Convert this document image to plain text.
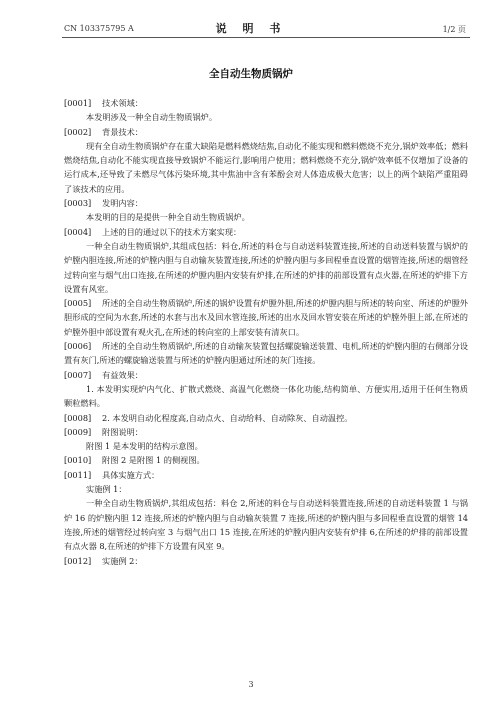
CN 103375795 A	说 明 书	1/2 页
全自动生物质锅炉
[0001] 技术领域：
本发明涉及一种全自动生物质锅炉。
[0002] 背景技术：
现有全自动生物质锅炉存在重大缺陷是燃料燃烧结焦,自动化不能实现和燃料燃烧不充分,锅炉效率低；燃料燃烧结焦,自动化不能实现直接导致锅炉不能运行,影响用户使用；燃料燃烧不充分,锅炉效率低不仅增加了设备的运行成本,还导致了未燃尽气体污染环境,其中焦油中含有苯酚会对人体造成极大危害；以上的两个缺陷严重阻碍了该技术的应用。
[0003] 发明内容：
本发明的目的是提供一种全自动生物质锅炉。
[0004] 上述的目的通过以下的技术方案实现：
一种全自动生物质锅炉,其组成包括：料仓,所述的料仓与自动送料装置连接,所述的自动送料装置与锅炉的炉膛内胆连接,所述的炉膛内胆与自动输灰装置连接,所述的炉膛内胆与多回程垂直设置的烟管连接,所述的烟管经过转向室与烟气出口连接,在所述的炉膛内胆内安装有炉排,在所述的炉排的前部设置有点火器,在所述的炉排下方设置有风室。
[0005] 所述的全自动生物质锅炉,所述的锅炉设置有炉膛外胆,所述的炉膛内胆与所述的转向室、所述的炉膛外胆形成的空间为水套,所述的水套与出水及回水管连接,所述的出水及回水管安装在所述的炉膛外胆上部,在所述的炉膛外胆中部设置有观火孔,在所述的转向室的上部安装有清灰口。
[0006] 所述的全自动生物质锅炉,所述的自动输灰装置包括螺旋输送装置、电机,所述的炉膛内胆的右侧部分设置有灰门,所述的螺旋输送装置与所述的炉膛内胆通过所述的灰门连接。
[0007] 有益效果：
1. 本发明实现炉内气化、扩散式燃烧、高温气化燃烧一体化功能,结构简单、方便实用,适用于任何生物质颗粒燃料。
[0008] 2. 本发明自动化程度高,自动点火、自动给料、自动除灰、自动温控。
[0009] 附图说明：
附图 1 是本发明的结构示意图。
[0010] 附图 2 是附图 1 的侧视图。
[0011] 具体实施方式：
实施例 1：
一种全自动生物质锅炉,其组成包括：料仓 2,所述的料仓与自动送料装置连接,所述的自动送料装置 1 与锅炉 16 的炉膛内胆 12 连接,所述的炉膛内胆与自动输灰装置 7 连接,所述的炉膛内胆与多回程垂直设置的烟管 14 连接,所述的烟管经过转向室 3 与烟气出口 15 连接,在所述的炉膛内胆内安装有炉排 6,在所述的炉排的前部设置有点火器 8,在所述的炉排下方设置有风室 9。
[0012] 实施例 2：
3
